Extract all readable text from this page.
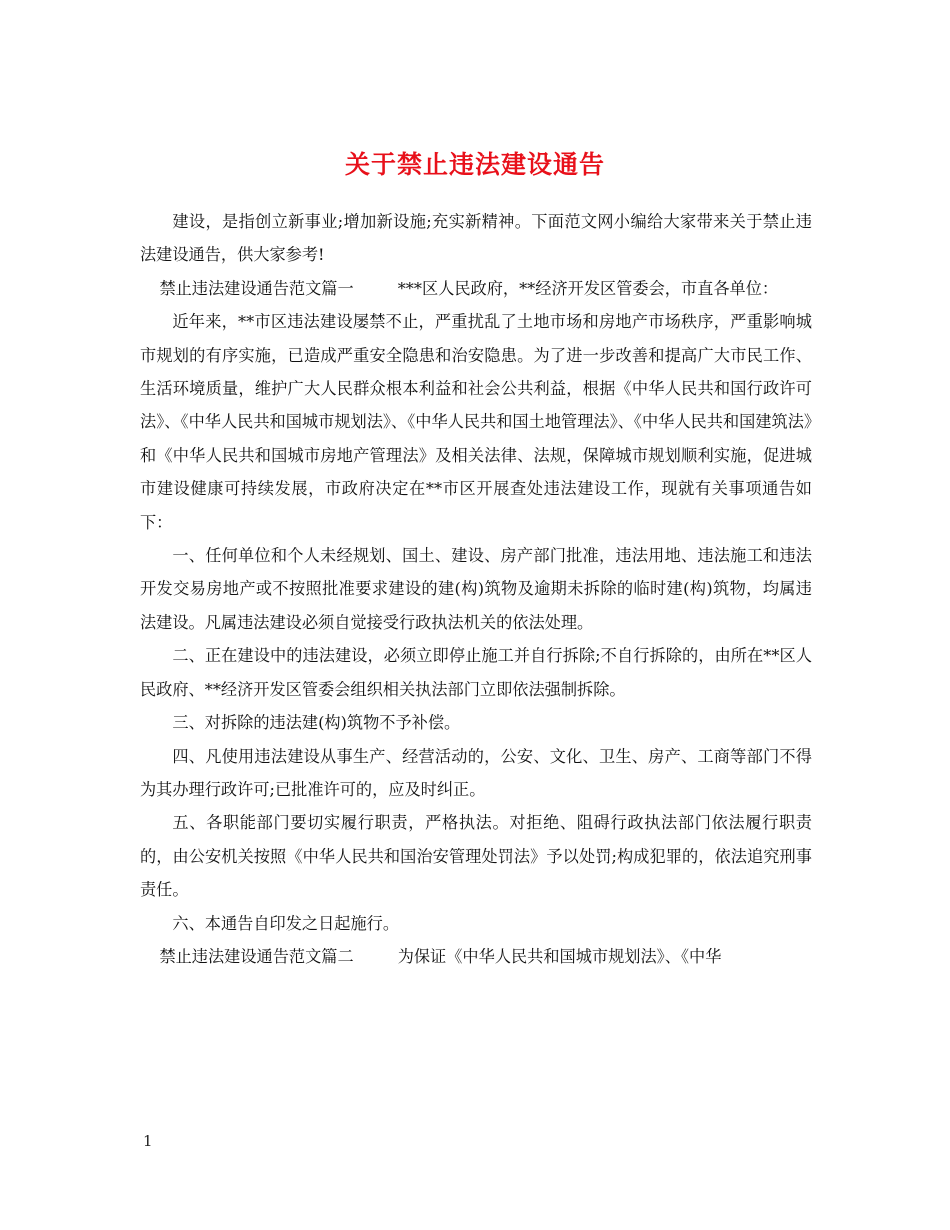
关于禁止违法建设通告

建设，是指创立新事业;增加新设施;充实新精神。下面范文网小编给大家带来关于禁止违法建设通告，供大家参考!

禁止违法建设通告范文篇一	***区人民政府，**经济开发区管委会，市直各单位：

近年来，**市区违法建设屡禁不止，严重扰乱了土地市场和房地产市场秩序，严重影响城市规划的有序实施，已造成严重安全隐患和治安隐患。为了进一步改善和提高广大市民工作、生活环境质量，维护广大人民群众根本利益和社会公共利益，根据《中华人民共和国行政许可法》、《中华人民共和国城市规划法》、《中华人民共和国土地管理法》、《中华人民共和国建筑法》和《中华人民共和国城市房地产管理法》及相关法律、法规，保障城市规划顺利实施，促进城市建设健康可持续发展，市政府决定在**市区开展查处违法建设工作，现就有关事项通告如下：

一、任何单位和个人未经规划、国土、建设、房产部门批准，违法用地、违法施工和违法开发交易房地产或不按照批准要求建设的建(构)筑物及逾期未拆除的临时建(构)筑物，均属违法建设。凡属违法建设必须自觉接受行政执法机关的依法处理。

二、正在建设中的违法建设，必须立即停止施工并自行拆除;不自行拆除的，由所在**区人民政府、**经济开发区管委会组织相关执法部门立即依法强制拆除。

三、对拆除的违法建(构)筑物不予补偿。

四、凡使用违法建设从事生产、经营活动的，公安、文化、卫生、房产、工商等部门不得为其办理行政许可;已批准许可的，应及时纠正。

五、各职能部门要切实履行职责，严格执法。对拒绝、阻碍行政执法部门依法履行职责的，由公安机关按照《中华人民共和国治安管理处罚法》予以处罚;构成犯罪的，依法追究刑事责任。

六、本通告自印发之日起施行。

禁止违法建设通告范文篇二	为保证《中华人民共和国城市规划法》、《中华

1
